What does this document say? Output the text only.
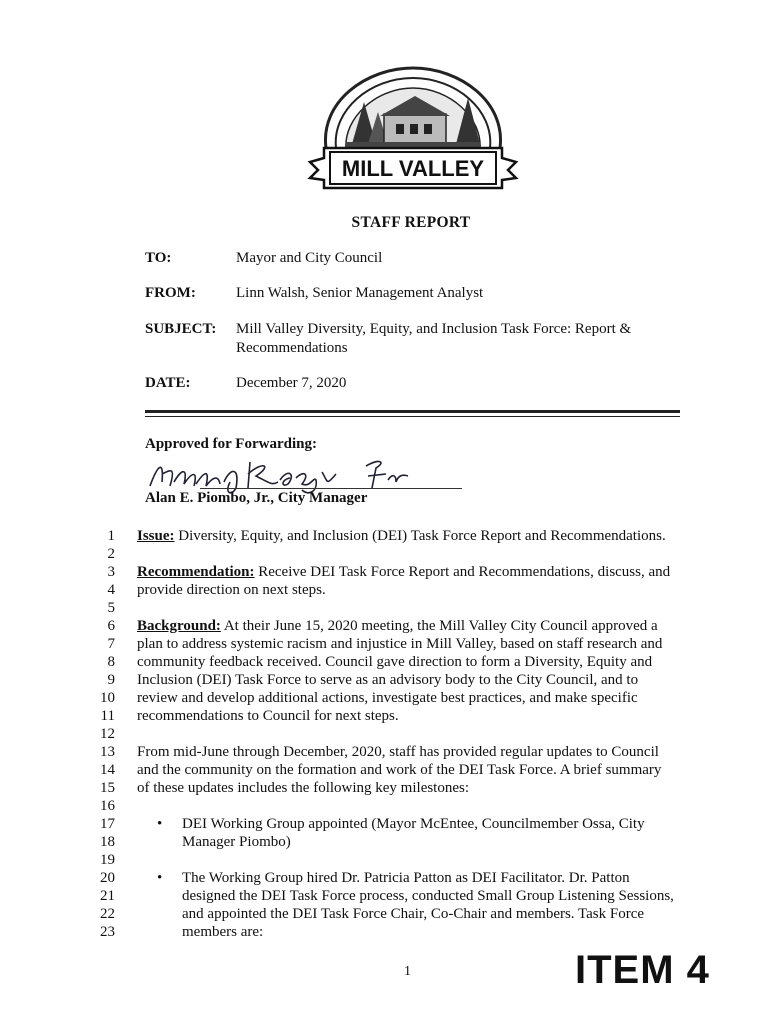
MILL VALLEY
STAFF REPORT
TO:	Mayor and City Council
FROM:	Linn Walsh, Senior Management Analyst
SUBJECT: Mill Valley Diversity, Equity, and Inclusion Task Force: Report &
Recommendations
DATE:	December 7, 2020
Approved for Forwarding:
Alan E. Piombo, Jr., City Manager
1
2
3
4
5
6
7
8
9
10
11
12
13
14
15
16
17
18
19
20
21
22
23
Issue: Diversity, Equity, and Inclusion (DEI) Task Force Report and Recommendations.
Recommendation: Receive DEI Task Force Report and Recommendations, discuss, and
provide direction on next steps.
Background: At their June 15, 2020 meeting, the Mill Valley City Council approved a
plan to address systemic racism and injustice in Mill Valley, based on staff research and
community feedback received. Council gave direction to form a Diversity, Equity and
Inclusion (DEI) Task Force to serve as an advisory body to the City Council, and to
review and develop additional actions, investigate best practices, and make specific
recommendations to Council for next steps.
From mid-June through December, 2020, staff has provided regular updates to Council
and the community on the formation and work of the DEI Task Force. A brief summary
of these updates includes the following key milestones:
• DEI Working Group appointed (Mayor McEntee, Councilmember Ossa, City
Manager Piombo)
• The Working Group hired Dr. Patricia Patton as DEI Facilitator. Dr. Patton
designed the DEI Task Force process, conducted Small Group Listening Sessions,
and appointed the DEI Task Force Chair, Co-Chair and members. Task Force
members are:
1	ITEM 4
